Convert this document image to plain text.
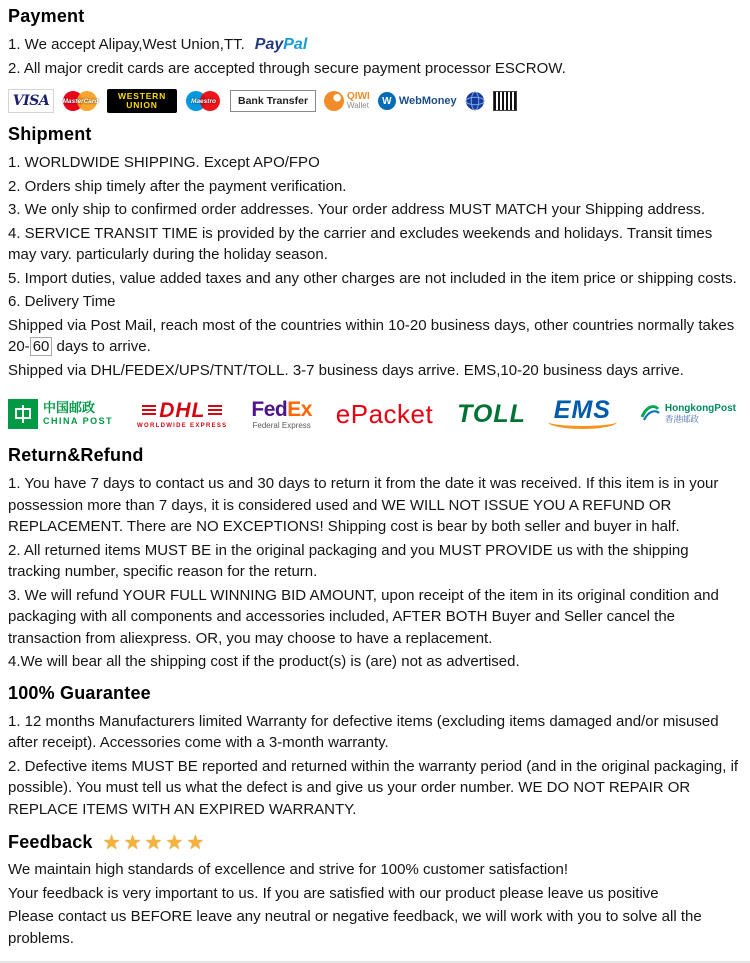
Payment

1. We accept Alipay,West Union,TT. PayPal

2. All major credit cards are accepted through secure payment processor ESCROW.

VISA MasterCard
WESTERN
UNION	Maestro	Bank Transfer	QIWI
Wallet	W WebMoney
Shipment

1. WORLDWIDE SHIPPING. Except APO/FPO

2. Orders ship timely after the payment verification.

3. We only ship to confirmed order addresses. Your order address MUST MATCH your Shipping address.

4. SERVICE TRANSIT TIME is provided by the carrier and excludes weekends and holidays. Transit times may vary. particularly during the holiday season.

5. Import duties, value added taxes and any other charges are not included in the item price or shipping costs.

6. Delivery Time

Shipped via Post Mail, reach most of the countries within 10-20 business days, other countries normally takes 20- 60 days to arrive.

Shipped via DHL/FEDEX/UPS/TNT/TOLL. 3-7 business days arrive. EMS,10-20 business days arrive.

中国邮政
CHINA POST DHL
WORLDWIDE EXPRESS
FedEx
Federal Express ePacket TOLL EMS	HongkongPost
香港邮政
Return&Refund

1. You have 7 days to contact us and 30 days to return it from the date it was received. If this item is in your possession more than 7 days, it is considered used and WE WILL NOT ISSUE YOU A REFUND OR REPLACEMENT. There are NO EXCEPTIONS! Shipping cost is bear by both seller and buyer in half.

2. All returned items MUST BE in the original packaging and you MUST PROVIDE us with the shipping tracking number, specific reason for the return.

3. We will refund YOUR FULL WINNING BID AMOUNT, upon receipt of the item in its original condition and packaging with all components and accessories included, AFTER BOTH Buyer and Seller cancel the transaction from aliexpress. OR, you may choose to have a replacement.

4.We will bear all the shipping cost if the product(s) is (are) not as advertised.

100% Guarantee

1. 12 months Manufacturers limited Warranty for defective items (excluding items damaged and/or misused after receipt). Accessories come with a 3-month warranty.

2. Defective items MUST BE reported and returned within the warranty period (and in the original packaging, if possible). You must tell us what the defect is and give us your order number. WE DO NOT REPAIR OR REPLACE ITEMS WITH AN EXPIRED WARRANTY.

Feedback ★★★★★

We maintain high standards of excellence and strive for 100% customer satisfaction!

Your feedback is very important to us. If you are satisfied with our product please leave us positive

Please contact us BEFORE leave any neutral or negative feedback, we will work with you to solve all the problems.
